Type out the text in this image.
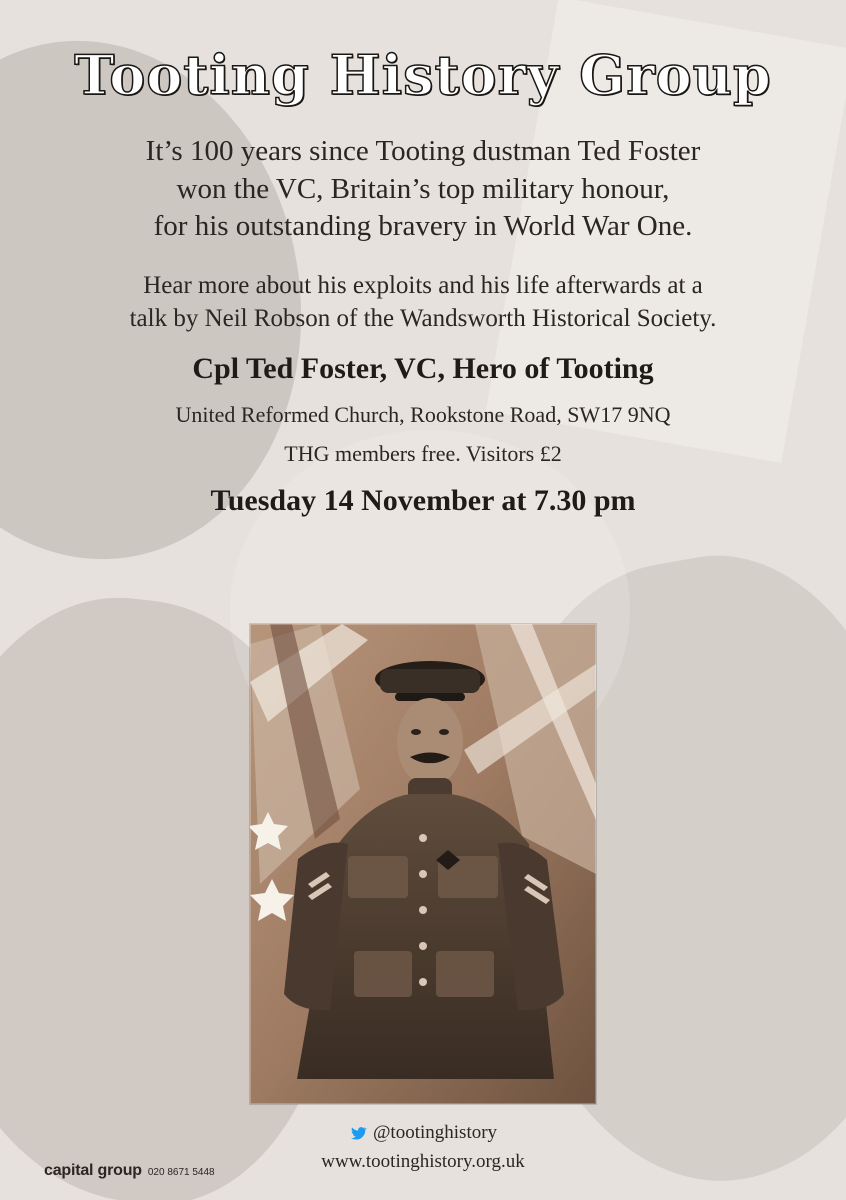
Tooting History Group
It’s 100 years since Tooting dustman Ted Foster
won the VC, Britain’s top military honour,
for his outstanding bravery in World War One.
Hear more about his exploits and his life afterwards at a
talk by Neil Robson of the Wandsworth Historical Society.
Cpl Ted Foster, VC, Hero of Tooting
United Reformed Church, Rookstone Road, SW17 9NQ
THG members free. Visitors £2
Tuesday 14 November at 7.30 pm
@tootinghistory
www.tootinghistory.org.uk
capital group 020 8671 5448
